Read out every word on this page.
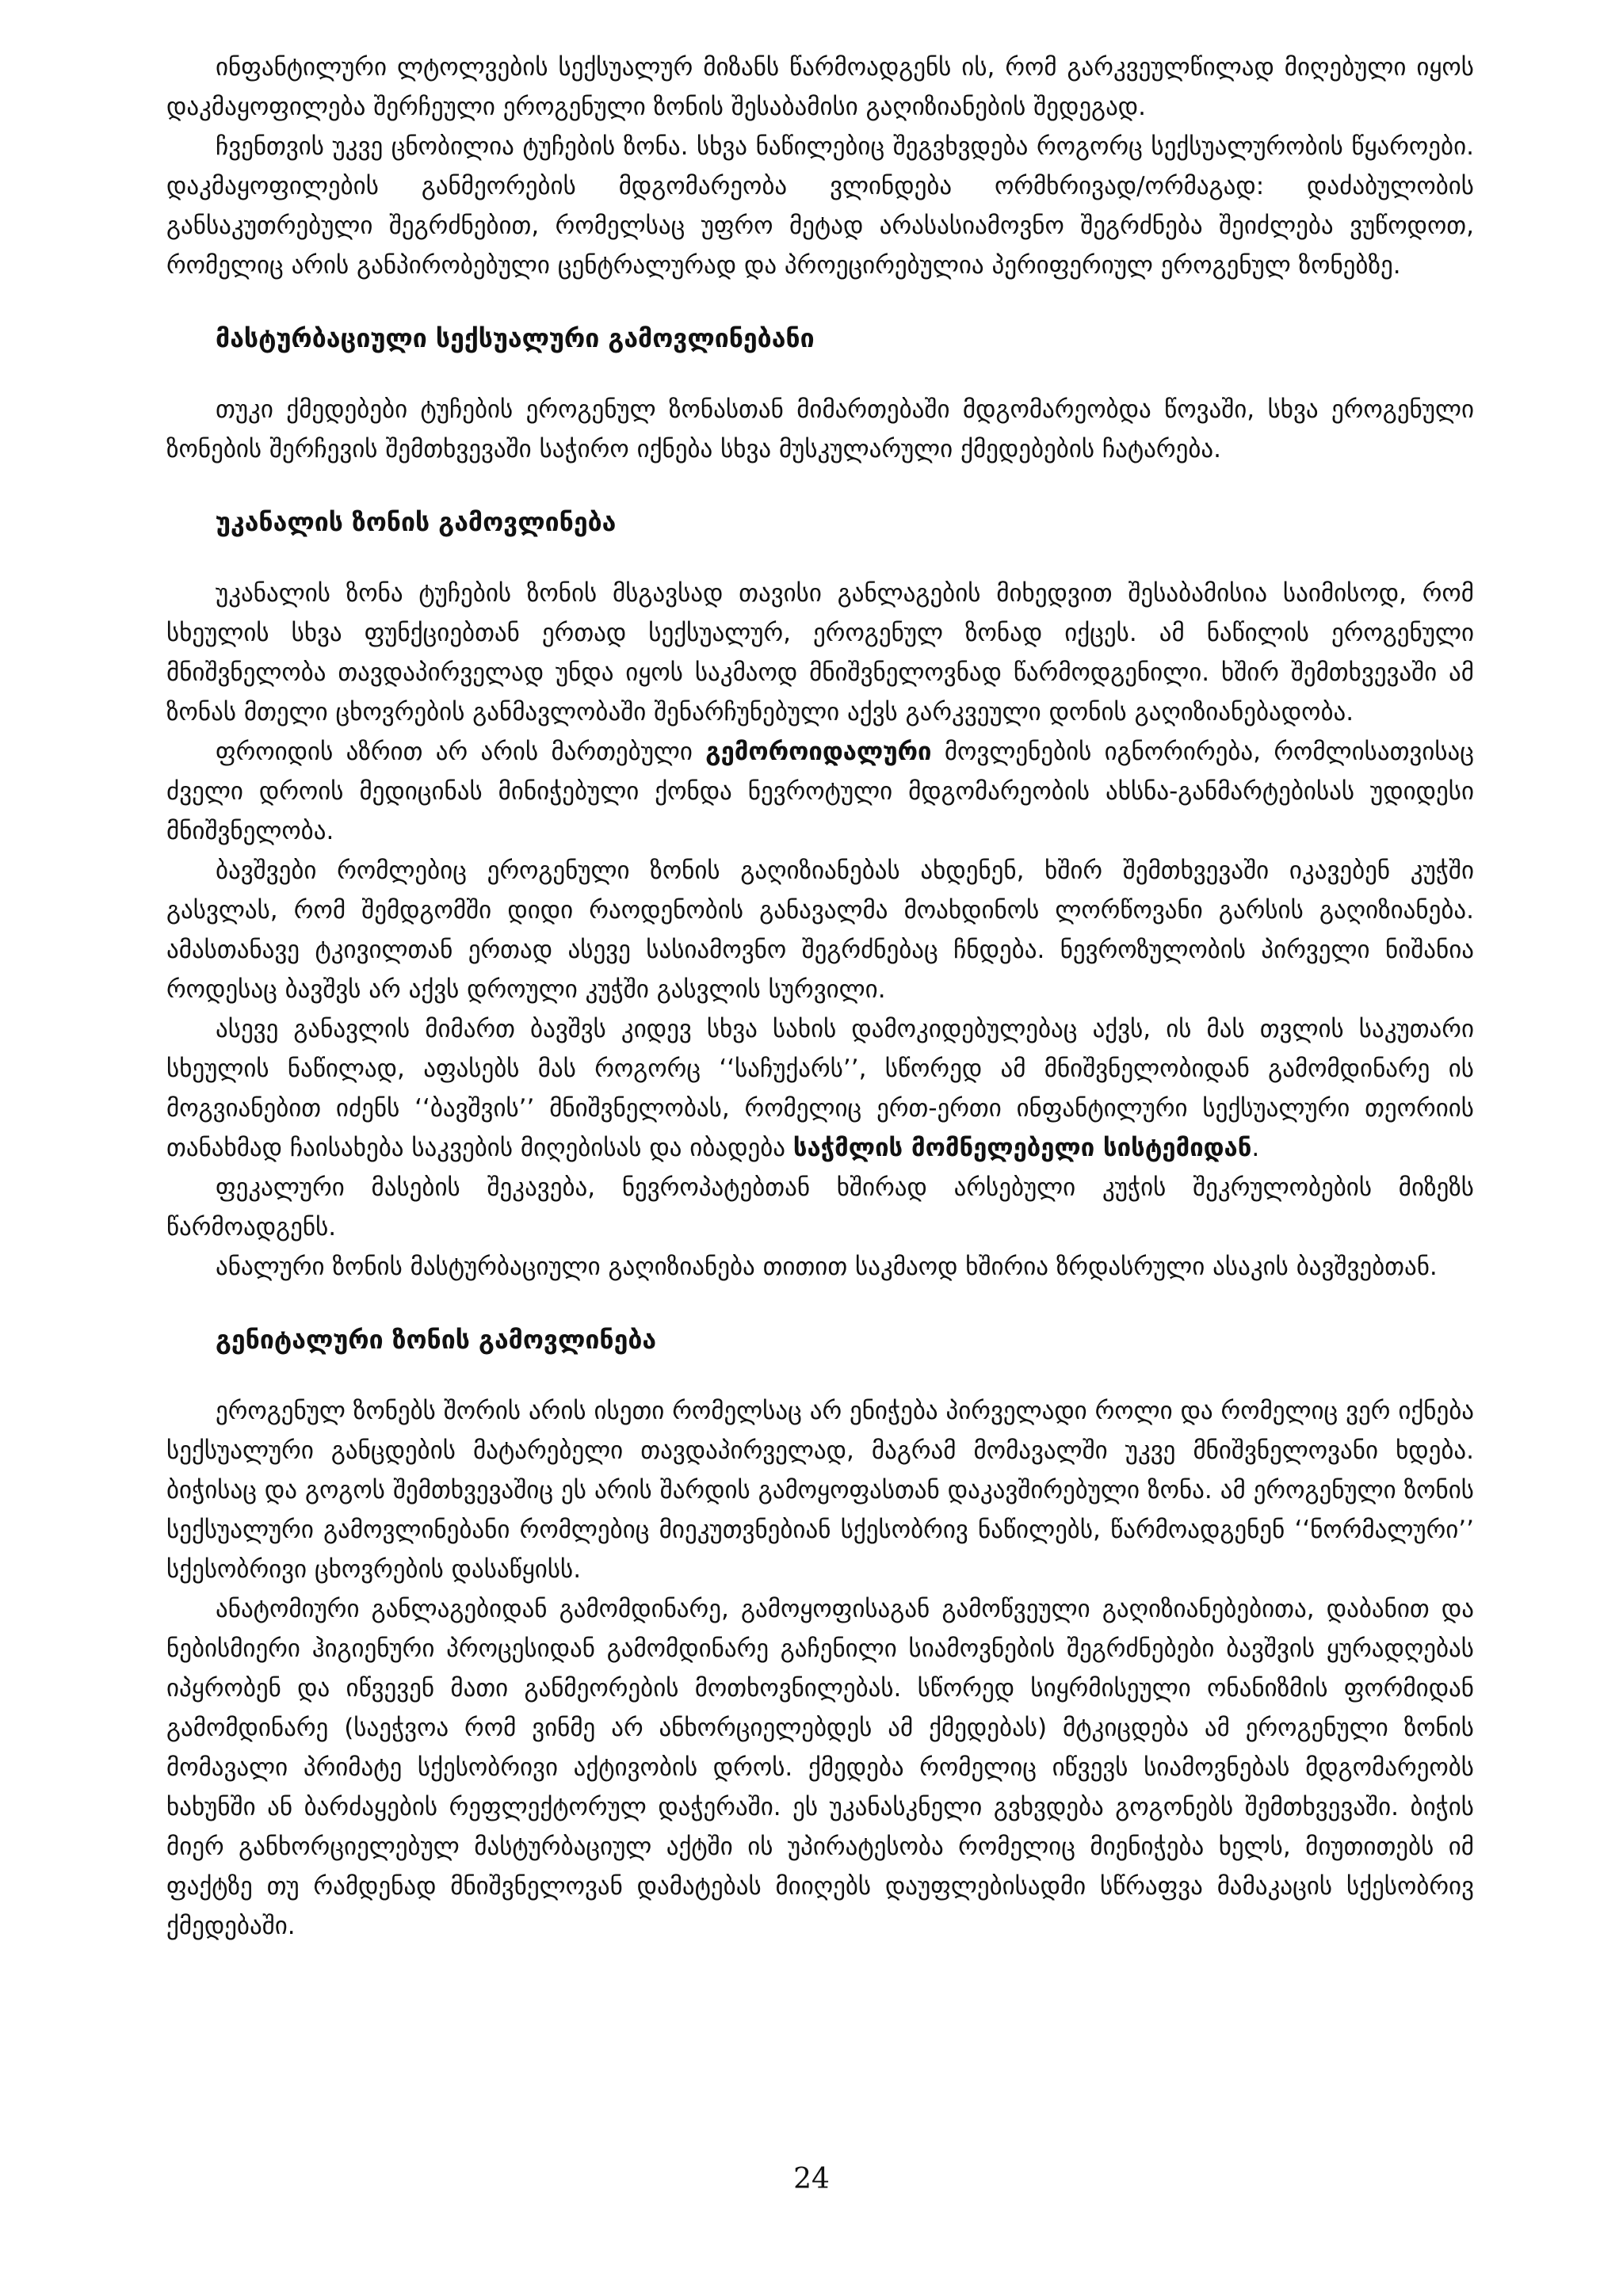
ინფანტილური ლტოლვების სექსუალურ მიზანს წარმოადგენს ის, რომ გარკვეულწილად მიღებული იყოს დაკმაყოფილება შერჩეული ეროგენული ზონის შესაბამისი გაღიზიანების შედეგად.

ჩვენთვის უკვე ცნობილია ტუჩების ზონა. სხვა ნაწილებიც შეგვხვდება როგორც სექსუალურობის წყაროები. დაკმაყოფილების განმეორების მდგომარეობა ვლინდება ორმხრივად/ორმაგად: დაძაბულობის განსაკუთრებული შეგრძნებით, რომელსაც უფრო მეტად არასასიამოვნო შეგრძნება შეიძლება ვუწოდოთ, რომელიც არის განპირობებული ცენტრალურად და პროეცირებულია პერიფერიულ ეროგენულ ზონებზე.

მასტურბაციული სექსუალური გამოვლინებანი

თუკი ქმედებები ტუჩების ეროგენულ ზონასთან მიმართებაში მდგომარეობდა წოვაში, სხვა ეროგენული ზონების შერჩევის შემთხვევაში საჭირო იქნება სხვა მუსკულარული ქმედებების ჩატარება.

უკანალის ზონის გამოვლინება

უკანალის ზონა ტუჩების ზონის მსგავსად თავისი განლაგების მიხედვით შესაბამისია საიმისოდ, რომ სხეულის სხვა ფუნქციებთან ერთად სექსუალურ, ეროგენულ ზონად იქცეს. ამ ნაწილის ეროგენული მნიშვნელობა თავდაპირველად უნდა იყოს საკმაოდ მნიშვნელოვნად წარმოდგენილი. ხშირ შემთხვევაში ამ ზონას მთელი ცხოვრების განმავლობაში შენარჩუნებული აქვს გარკვეული დონის გაღიზიანებადობა.

ფროიდის აზრით არ არის მართებული გემოროიდალური მოვლენების იგნორირება, რომლისათვისაც ძველი დროის მედიცინას მინიჭებული ქონდა ნევროტული მდგომარეობის ახსნა-განმარტებისას უდიდესი მნიშვნელობა.

ბავშვები რომლებიც ეროგენული ზონის გაღიზიანებას ახდენენ, ხშირ შემთხვევაში იკავებენ კუჭში გასვლას, რომ შემდგომში დიდი რაოდენობის განავალმა მოახდინოს ლორწოვანი გარსის გაღიზიანება. ამასთანავე ტკივილთან ერთად ასევე სასიამოვნო შეგრძნებაც ჩნდება. ნევროზულობის პირველი ნიშანია როდესაც ბავშვს არ აქვს დროული კუჭში გასვლის სურვილი.

ასევე განავლის მიმართ ბავშვს კიდევ სხვა სახის დამოკიდებულებაც აქვს, ის მას თვლის საკუთარი სხეულის ნაწილად, აფასებს მას როგორც ‘‘საჩუქარს’’, სწორედ ამ მნიშვნელობიდან გამომდინარე ის მოგვიანებით იძენს ‘‘ბავშვის’’ მნიშვნელობას, რომელიც ერთ-ერთი ინფანტილური სექსუალური თეორიის თანახმად ჩაისახება საკვების მიღებისას და იბადება საჭმლის მომნელებელი სისტემიდან.

ფეკალური მასების შეკავება, ნევროპატებთან ხშირად არსებული კუჭის შეკრულობების მიზეზს წარმოადგენს.

ანალური ზონის მასტურბაციული გაღიზიანება თითით საკმაოდ ხშირია ზრდასრული ასაკის ბავშვებთან.

გენიტალური ზონის გამოვლინება

ეროგენულ ზონებს შორის არის ისეთი რომელსაც არ ენიჭება პირველადი როლი და რომელიც ვერ იქნება სექსუალური განცდების მატარებელი თავდაპირველად, მაგრამ მომავალში უკვე მნიშვნელოვანი ხდება. ბიჭისაც და გოგოს შემთხვევაშიც ეს არის შარდის გამოყოფასთან დაკავშირებული ზონა. ამ ეროგენული ზონის სექსუალური გამოვლინებანი რომლებიც მიეკუთვნებიან სქესობრივ ნაწილებს, წარმოადგენენ ‘‘ნორმალური’’ სქესობრივი ცხოვრების დასაწყისს.

ანატომიური განლაგებიდან გამომდინარე, გამოყოფისაგან გამოწვეული გაღიზიანებებითა, დაბანით და ნებისმიერი ჰიგიენური პროცესიდან გამომდინარე გაჩენილი სიამოვნების შეგრძნებები ბავშვის ყურადღებას იპყრობენ და იწვევენ მათი განმეორების მოთხოვნილებას. სწორედ სიყრმისეული ონანიზმის ფორმიდან გამომდინარე (საეჭვოა რომ ვინმე არ ანხორციელებდეს ამ ქმედებას) მტკიცდება ამ ეროგენული ზონის მომავალი პრიმატე სქესობრივი აქტივობის დროს. ქმედება რომელიც იწვევს სიამოვნებას მდგომარეობს ხახუნში ან ბარძაყების რეფლექტორულ დაჭერაში. ეს უკანასკნელი გვხვდება გოგონებს შემთხვევაში. ბიჭის მიერ განხორციელებულ მასტურბაციულ აქტში ის უპირატესობა რომელიც მიენიჭება ხელს, მიუთითებს იმ ფაქტზე თუ რამდენად მნიშვნელოვან დამატებას მიიღებს დაუფლებისადმი სწრაფვა მამაკაცის სქესობრივ ქმედებაში.

24
